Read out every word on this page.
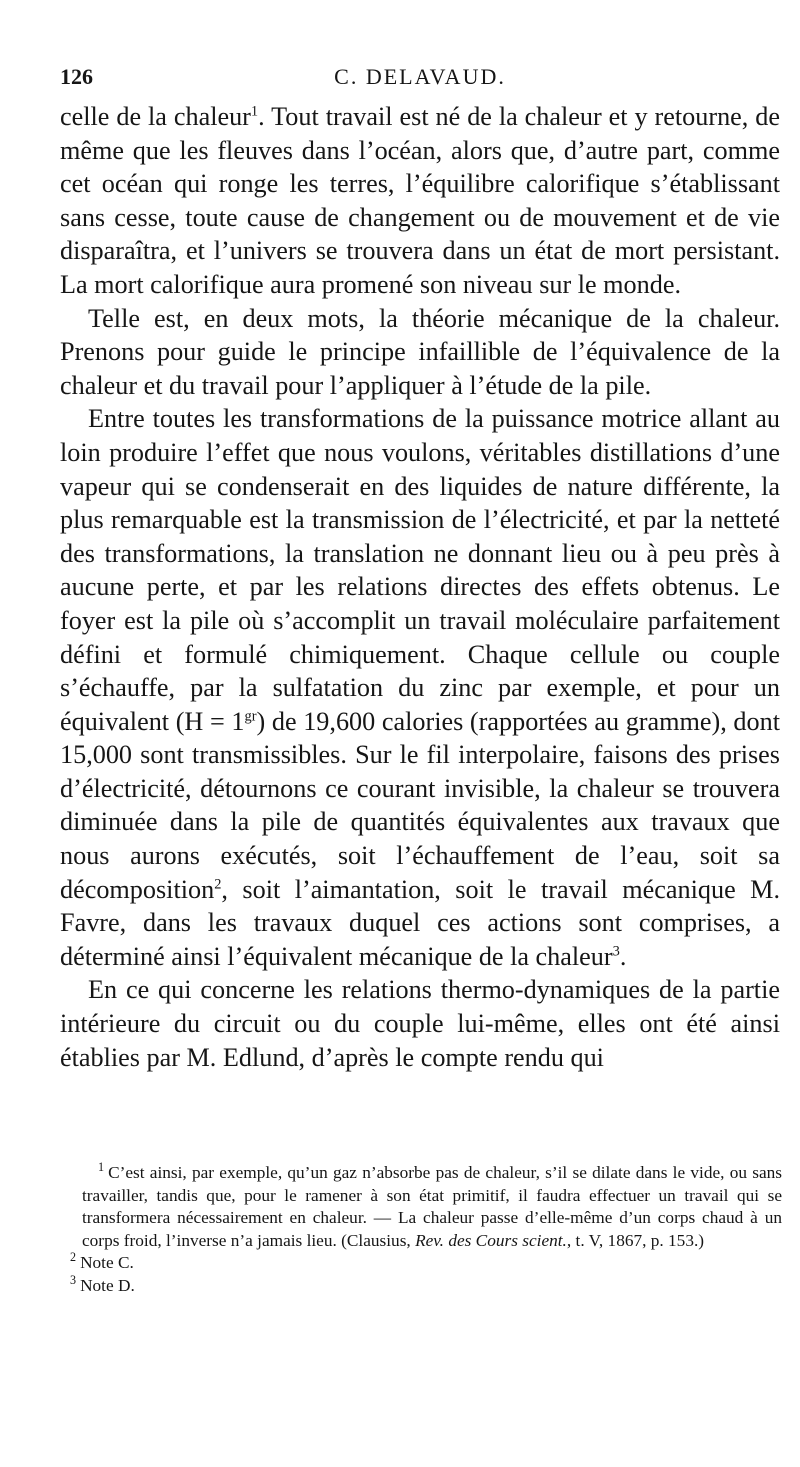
126	C. DELAVAUD.

celle de la chaleur$^1$. Tout travail est né de la chaleur et y retourne, de même que les fleuves dans l’océan, alors que, d’autre part, comme cet océan qui ronge les terres, l’équilibre calorifique s’établissant sans cesse, toute cause de changement ou de mouvement et de vie disparaîtra, et l’univers se trouvera dans un état de mort persistant. La mort calorifique aura promené son niveau sur le monde.

Telle est, en deux mots, la théorie mécanique de la chaleur. Prenons pour guide le principe infaillible de l’équivalence de la chaleur et du travail pour l’appliquer à l’étude de la pile.

Entre toutes les transformations de la puissance motrice allant au loin produire l’effet que nous voulons, véritables distillations d’une vapeur qui se condenserait en des liquides de nature différente, la plus remarquable est la transmission de l’électricité, et par la netteté des transformations, la translation ne donnant lieu ou à peu près à aucune perte, et par les relations directes des effets obtenus. Le foyer est la pile où s’accomplit un travail moléculaire parfaitement défini et formulé chimiquement. Chaque cellule ou couple s’échauffe, par la sulfatation du zinc par exemple, et pour un équivalent $(H = 1^{gr})$ de 19,600 calories (rapportées au gramme), dont 15,000 sont transmissibles. Sur le fil interpolaire, faisons des prises d’électricité, détournons ce courant invisible, la chaleur se trouvera diminuée dans la pile de quantités équivalentes aux travaux que nous aurons exécutés, soit l’échauffement de l’eau, soit sa décomposition$^2$, soit l’aimantation, soit le travail mécanique M. Favre, dans les travaux duquel ces actions sont comprises, a déterminé ainsi l’équivalent mécanique de la chaleur$^3$.

En ce qui concerne les relations thermo-dynamiques de la partie intérieure du circuit ou du couple lui-même, elles ont été ainsi établies par M. Edlund, d’après le compte rendu qui

$^1$ C’est ainsi, par exemple, qu’un gaz n’absorbe pas de chaleur, s’il se dilate dans le vide, ou sans travailler, tandis que, pour le ramener à son état primitif, il faudra effectuer un travail qui se transformera nécessairement en chaleur. — La chaleur passe d’elle-même d’un corps chaud à un corps froid, l’inverse n’a jamais lieu. (Clausius, Rev. des Cours scient., t. V, 1867, p. 153.)

$^2$ Note C.

$^3$ Note D.
